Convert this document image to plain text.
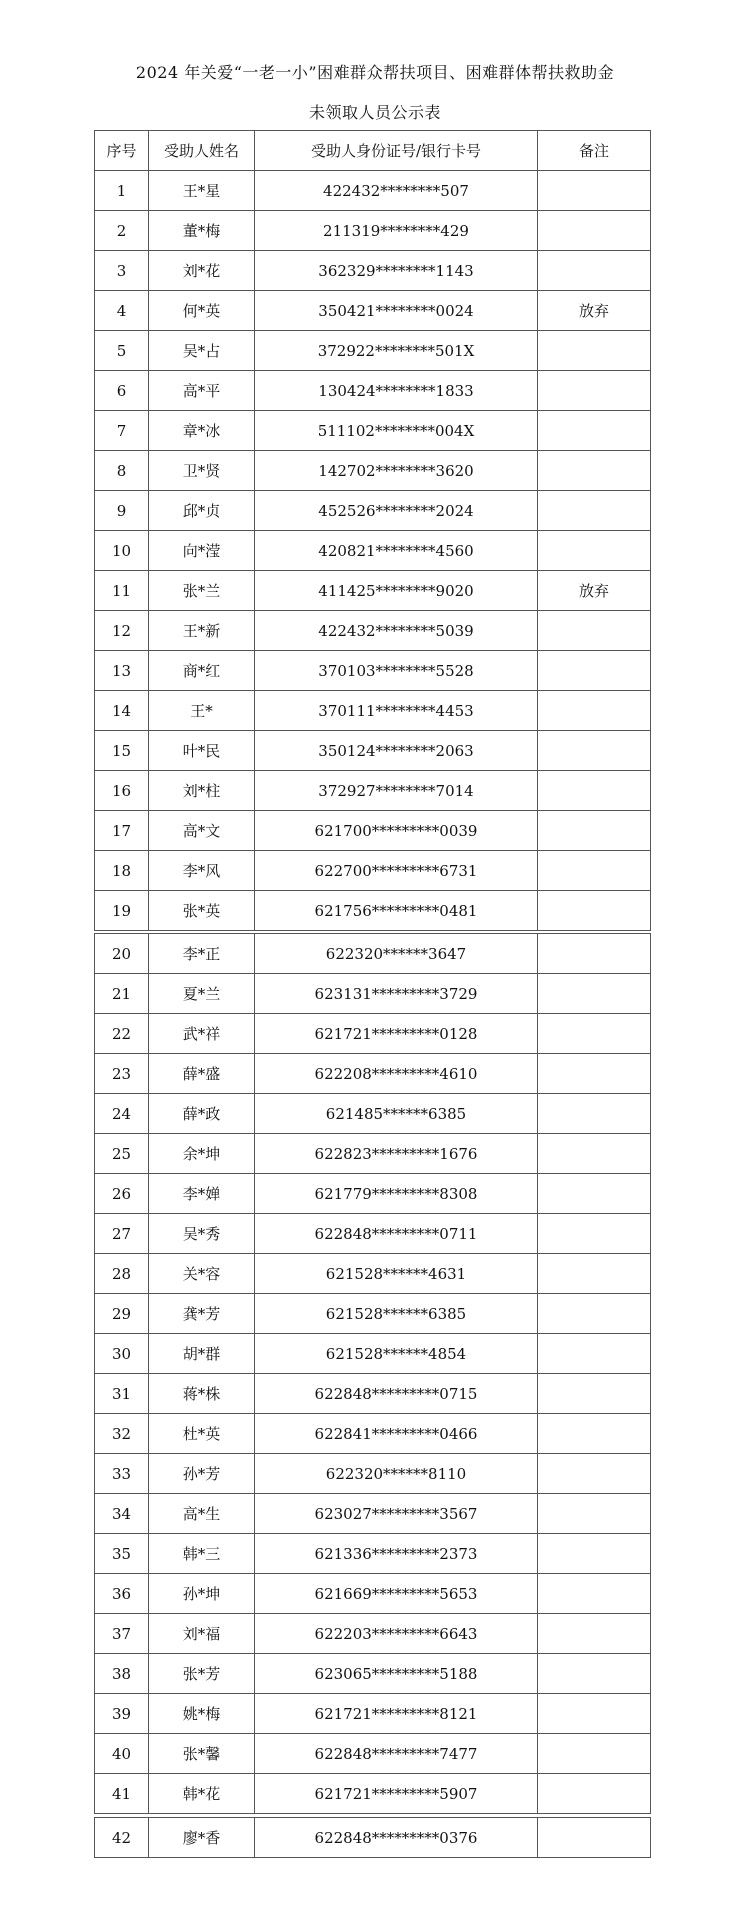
2024 年关爱“一老一小”困难群众帮扶项目、困难群体帮扶救助金
未领取人员公示表
序号	受助人姓名	受助人身份证号/银行卡号	备注
1	王*星	422432********507	
2	董*梅	211319********429	
3	刘*花	362329********1143	
4	何*英	350421********0024	放弃
5	吴*占	372922********501X	
6	高*平	130424********1833	
7	章*冰	511102********004X	
8	卫*贤	142702********3620	
9	邱*贞	452526********2024	
10	向*滢	420821********4560	
11	张*兰	411425********9020	放弃
12	王*新	422432********5039	
13	商*红	370103********5528	
14	王*	370111********4453	
15	叶*民	350124********2063	
16	刘*柱	372927********7014	
17	高*文	621700*********0039	
18	李*风	622700*********6731	
19	张*英	621756*********0481	
20	李*正	622320******3647	
21	夏*兰	623131*********3729	
22	武*祥	621721*********0128	
23	薛*盛	622208*********4610	
24	薛*政	621485******6385	
25	余*坤	622823*********1676	
26	李*婵	621779*********8308	
27	吴*秀	622848*********0711	
28	关*容	621528******4631	
29	龚*芳	621528******6385	
30	胡*群	621528******4854	
31	蒋*株	622848*********0715	
32	杜*英	622841*********0466	
33	孙*芳	622320******8110	
34	高*生	623027*********3567	
35	韩*三	621336*********2373	
36	孙*坤	621669*********5653	
37	刘*福	622203*********6643	
38	张*芳	623065*********5188	
39	姚*梅	621721*********8121	
40	张*馨	622848*********7477	
41	韩*花	621721*********5907	
42	廖*香	622848*********0376	
